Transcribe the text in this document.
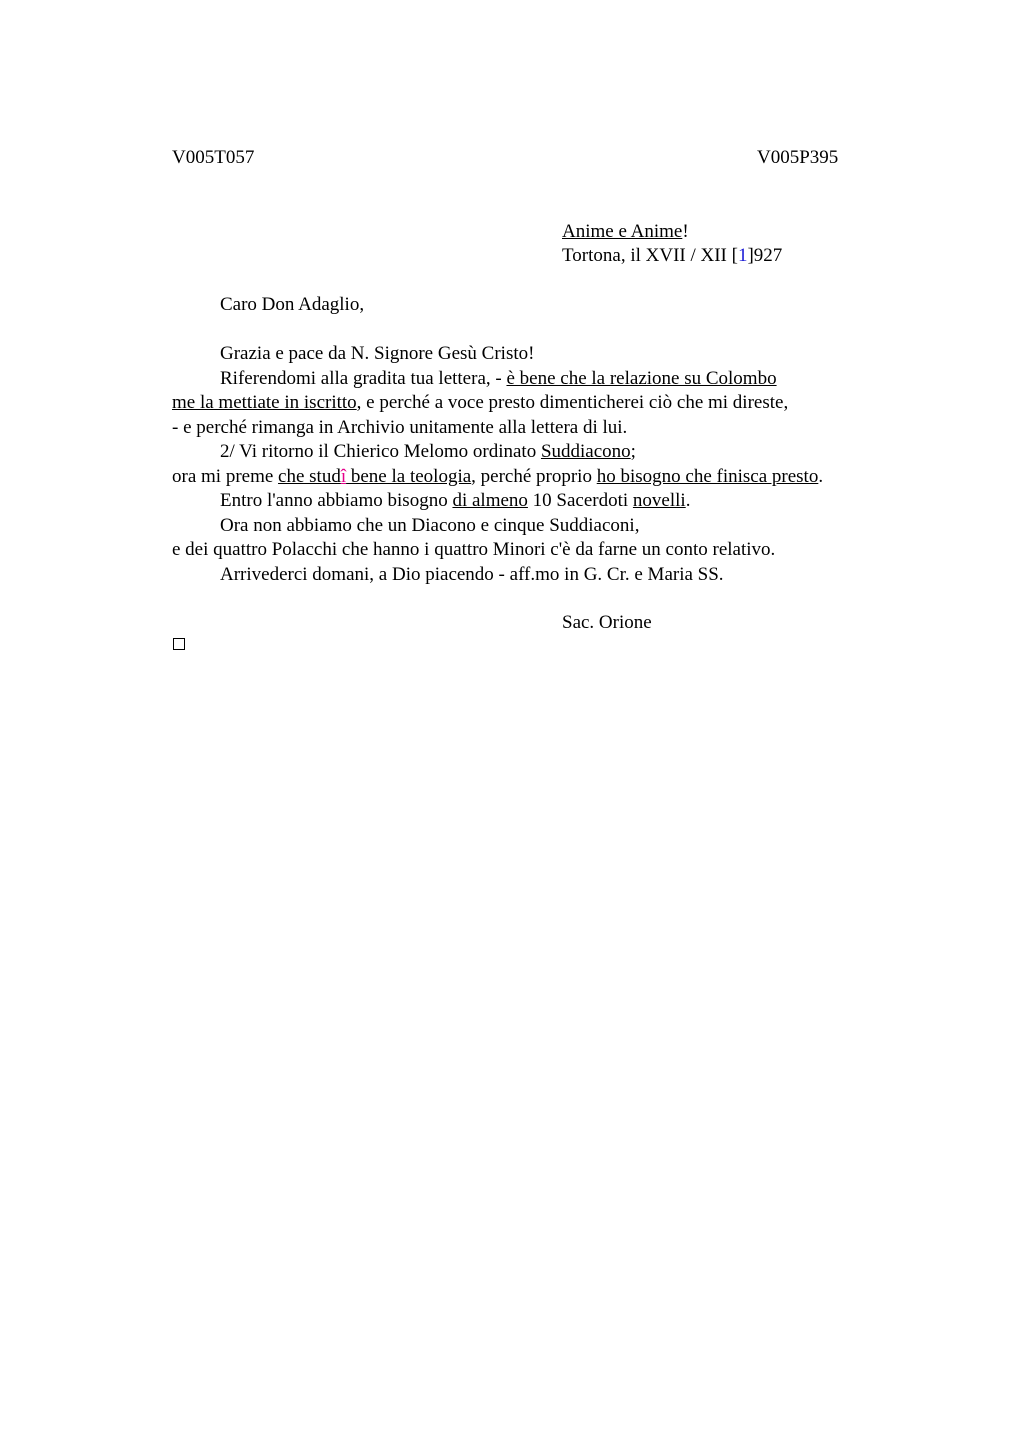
V005T057	V005P395
Anime e Anime!
Tortona, il XVII / XII [1]927
Caro Don Adaglio,
Grazia e pace da N. Signore Gesù Cristo!
Riferendomi alla gradita tua lettera, - è bene che la relazione su Colombo
me la mettiate in iscritto, e perché a voce presto dimenticherei ciò che mi direste,
- e perché rimanga in Archivio unitamente alla lettera di lui.
2/ Vi ritorno il Chierico Melomo ordinato Suddiacono;
ora mi preme che studî bene la teologia, perché proprio ho bisogno che finisca presto.
Entro l'anno abbiamo bisogno di almeno 10 Sacerdoti novelli.
Ora non abbiamo che un Diacono e cinque Suddiaconi,
e dei quattro Polacchi che hanno i quattro Minori c'è da farne un conto relativo.
Arrivederci domani, a Dio piacendo - aff.mo in G. Cr. e Maria SS.
Sac. Orione
